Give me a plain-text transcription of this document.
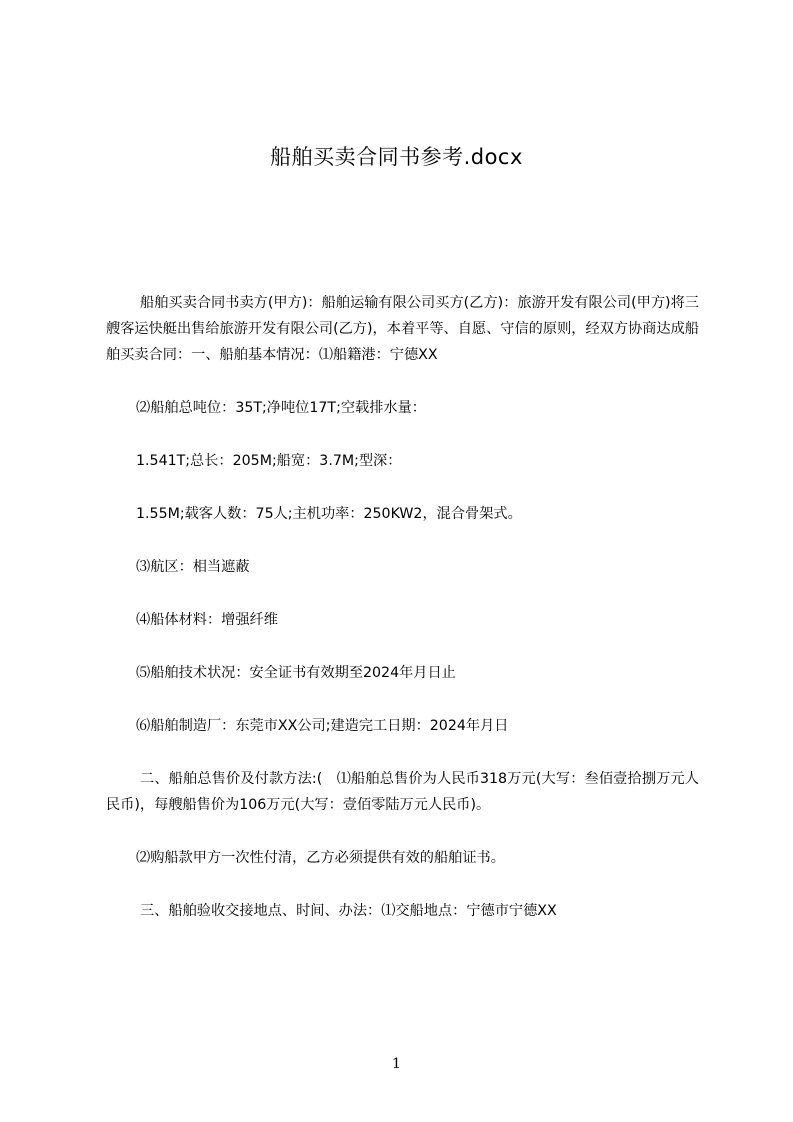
船舶买卖合同书参考.docx

船舶买卖合同书卖方(甲方)：船舶运输有限公司买方(乙方)：旅游开发有限公司(甲方)将三艘客运快艇出售给旅游开发有限公司(乙方)，本着平等、自愿、守信的原则，经双方协商达成船舶买卖合同：一、船舶基本情况：⑴船籍港：宁德XX

⑵船舶总吨位：35T;净吨位17T;空载排水量：

1.541T;总长：205M;船宽：3.7M;型深：

1.55M;载客人数：75人;主机功率：250KW2，混合骨架式。

⑶航区：相当遮蔽

⑷船体材料：增强纤维

⑸船舶技术状况：安全证书有效期至2024年月日止

⑹船舶制造厂：东莞市XX公司;建造完工日期：2024年月日

二、船舶总售价及付款方法:(　⑴船舶总售价为人民币318万元(大写：叁佰壹拾捌万元人民币)，每艘船售价为106万元(大写：壹佰零陆万元人民币)。

⑵购船款甲方一次性付清，乙方必须提供有效的船舶证书。

三、船舶验收交接地点、时间、办法：⑴交船地点：宁德市宁德XX

1
